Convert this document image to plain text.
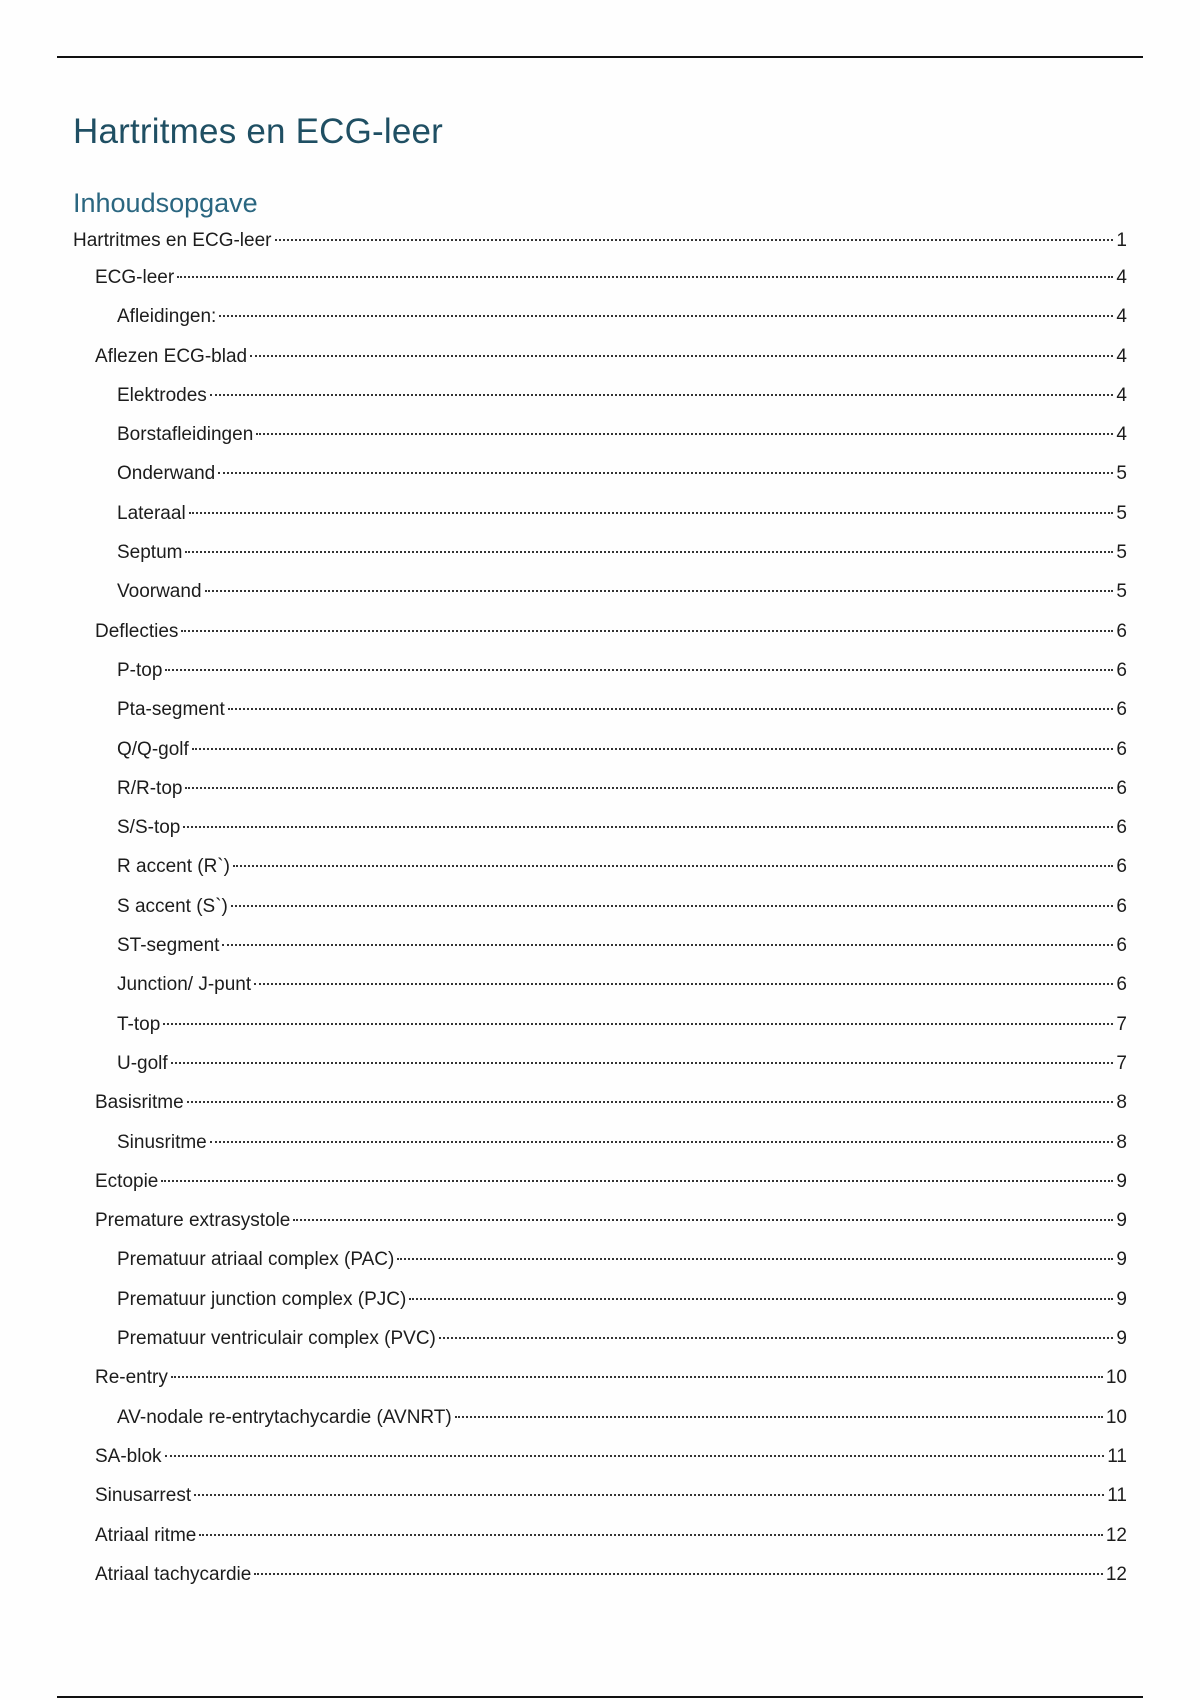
Hartritmes en ECG-leer
Inhoudsopgave
Hartritmes en ECG-leer	1
ECG-leer	4
Afleidingen:	4
Aflezen ECG-blad	4
Elektrodes	4
Borstafleidingen	4
Onderwand	5
Lateraal	5
Septum	5
Voorwand	5
Deflecties	6
P-top	6
Pta-segment	6
Q/Q-golf	6
R/R-top	6
S/S-top	6
R accent (R`)	6
S accent (S`)	6
ST-segment	6
Junction/ J-punt	6
T-top	7
U-golf	7
Basisritme	8
Sinusritme	8
Ectopie	9
Premature extrasystole	9
Prematuur atriaal complex (PAC)	9
Prematuur junction complex (PJC)	9
Prematuur ventriculair complex (PVC)	9
Re-entry	10
AV-nodale re-entrytachycardie (AVNRT)	10
SA-blok	11
Sinusarrest	11
Atriaal ritme	12
Atriaal tachycardie	12
